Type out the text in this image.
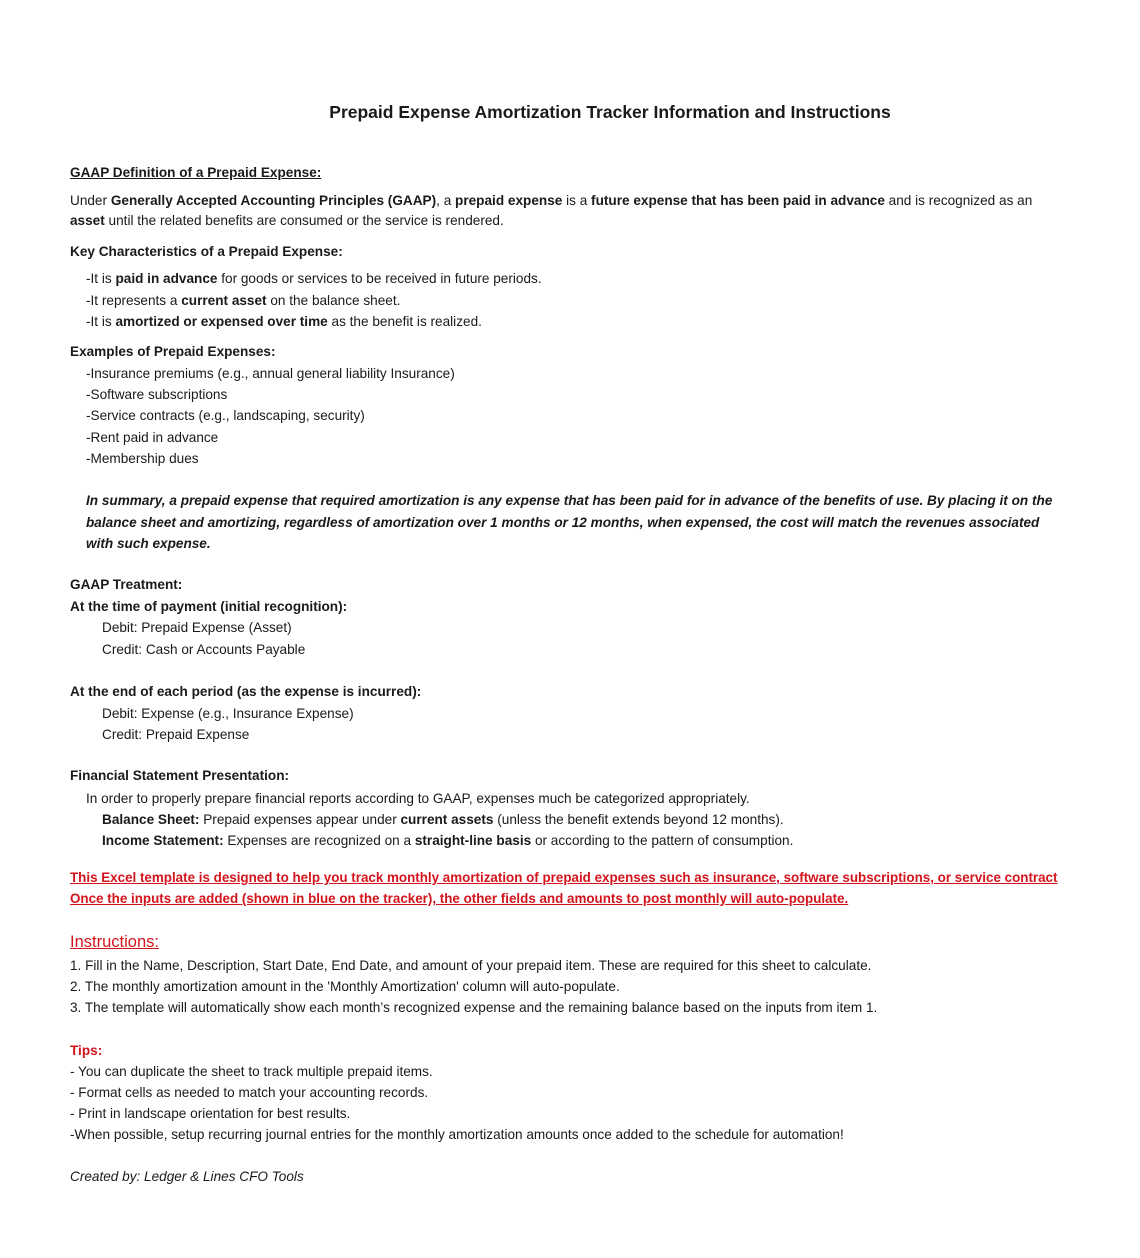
Prepaid Expense Amortization Tracker Information and Instructions
GAAP Definition of a Prepaid Expense:
Under Generally Accepted Accounting Principles (GAAP), a prepaid expense is a future expense that has been paid in advance and is recognized as an
asset until the related benefits are consumed or the service is rendered.
Key Characteristics of a Prepaid Expense:
-It is paid in advance for goods or services to be received in future periods.
-It represents a current asset on the balance sheet.
-It is amortized or expensed over time as the benefit is realized.
Examples of Prepaid Expenses:
-Insurance premiums (e.g., annual general liability Insurance)
-Software subscriptions
-Service contracts (e.g., landscaping, security)
-Rent paid in advance
-Membership dues
In summary, a prepaid expense that required amortization is any expense that has been paid for in advance of the benefits of use. By placing it on the
balance sheet and amortizing, regardless of amortization over 1 months or 12 months, when expensed, the cost will match the revenues associated
with such expense.
GAAP Treatment:
At the time of payment (initial recognition):
Debit: Prepaid Expense (Asset)
Credit: Cash or Accounts Payable
At the end of each period (as the expense is incurred):
Debit: Expense (e.g., Insurance Expense)
Credit: Prepaid Expense
Financial Statement Presentation:
In order to properly prepare financial reports according to GAAP, expenses much be categorized appropriately.
Balance Sheet: Prepaid expenses appear under current assets (unless the benefit extends beyond 12 months).
Income Statement: Expenses are recognized on a straight-line basis or according to the pattern of consumption.
This Excel template is designed to help you track monthly amortization of prepaid expenses such as insurance, software subscriptions, or service contract
Once the inputs are added (shown in blue on the tracker), the other fields and amounts to post monthly will auto-populate.
Instructions:
1. Fill in the Name, Description, Start Date, End Date, and amount of your prepaid item. These are required for this sheet to calculate.
2. The monthly amortization amount in the 'Monthly Amortization' column will auto-populate.
3. The template will automatically show each month’s recognized expense and the remaining balance based on the inputs from item 1.
Tips:
- You can duplicate the sheet to track multiple prepaid items.
- Format cells as needed to match your accounting records.
- Print in landscape orientation for best results.
-When possible, setup recurring journal entries for the monthly amortization amounts once added to the schedule for automation!
Created by: Ledger & Lines CFO Tools
